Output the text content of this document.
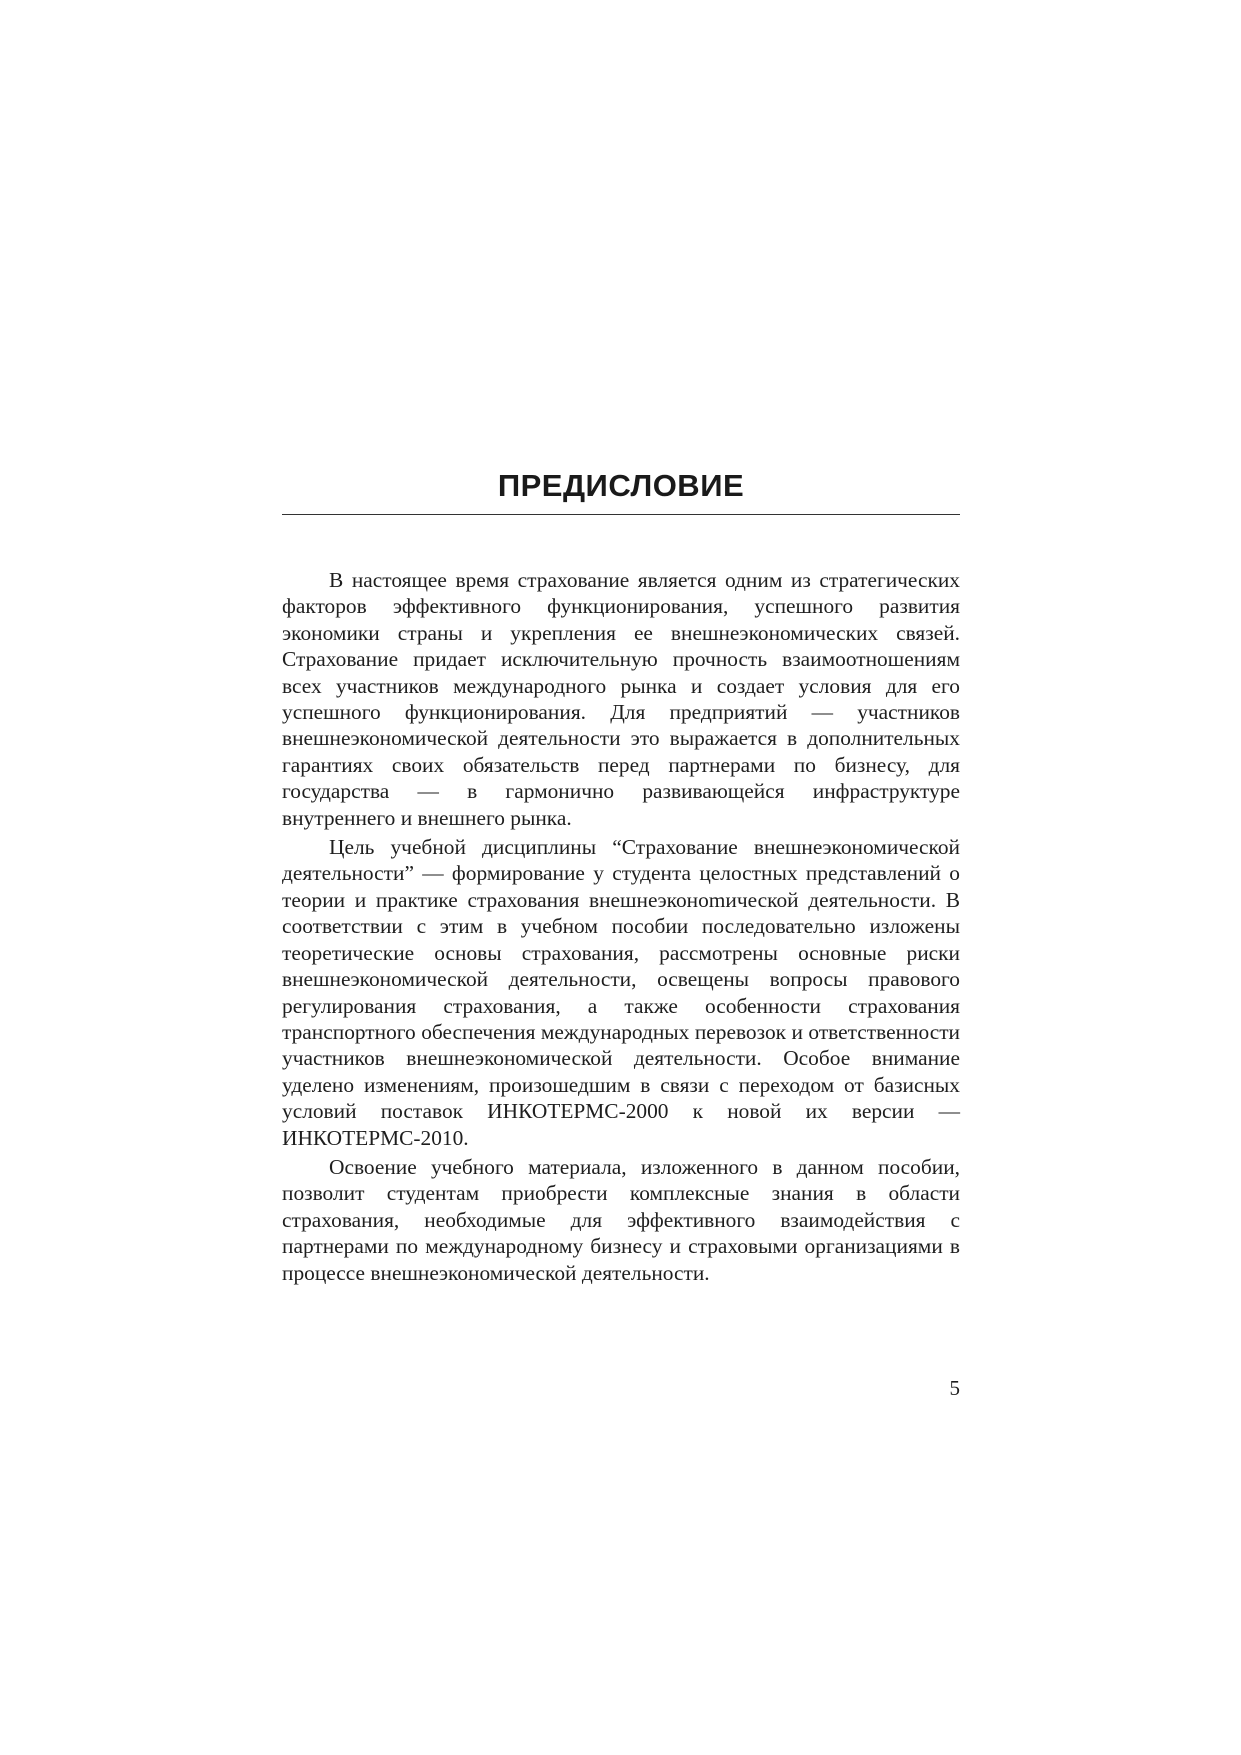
ПРЕДИСЛОВИЕ

В настоящее время страхование является одним из стратегических факторов эффективного функционирования, успешного развития экономики страны и укрепления ее внешнеэкономических связей. Страхование придает исключительную прочность взаимоотношениям всех участников международного рынка и создает условия для его успешного функционирования. Для предприятий — участников внешнеэкономической деятельности это выражается в дополнительных гарантиях своих обязательств перед партнерами по бизнесу, для государства — в гармонично развивающейся инфраструктуре внутреннего и внешнего рынка.

Цель учебной дисциплины “Страхование внешнеэкономической деятельности” — формирование у студента целостных представлений о теории и практике страхования внешнеэконоmической деятельности. В соответствии с этим в учебном пособии последовательно изложены теоретические основы страхования, рассмотрены основные риски внешнеэкономической деятельности, освещены вопросы правового регулирования страхования, а также особенности страхования транспортного обеспечения международных перевозок и ответственности участников внешнеэкономической деятельности. Особое внимание уделено изменениям, произошедшим в связи с переходом от базисных условий поставок ИНКОТЕРМС-2000 к новой их версии — ИНКОТЕРМС-2010.

Освоение учебного материала, изложенного в данном пособии, позволит студентам приобрести комплексные знания в области страхования, необходимые для эффективного взаимодействия с партнерами по международному бизнесу и страховыми организациями в процессе внешнеэкономической деятельности.

5
